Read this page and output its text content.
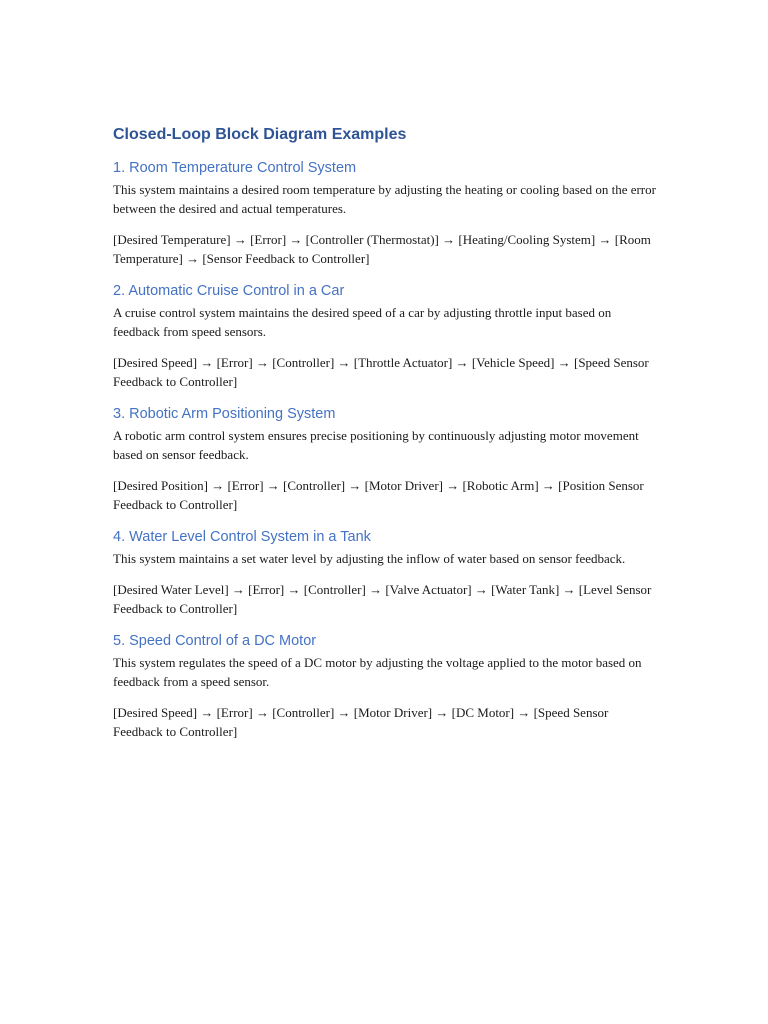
Closed-Loop Block Diagram Examples
1. Room Temperature Control System

This system maintains a desired room temperature by adjusting the heating or cooling based on the error between the desired and actual temperatures.

[Desired Temperature] → [Error] → [Controller (Thermostat)] → [Heating/Cooling System] → [Room Temperature] → [Sensor Feedback to Controller]

2. Automatic Cruise Control in a Car

A cruise control system maintains the desired speed of a car by adjusting throttle input based on feedback from speed sensors.

[Desired Speed] → [Error] → [Controller] → [Throttle Actuator] → [Vehicle Speed] → [Speed Sensor Feedback to Controller]

3. Robotic Arm Positioning System

A robotic arm control system ensures precise positioning by continuously adjusting motor movement based on sensor feedback.

[Desired Position] → [Error] → [Controller] → [Motor Driver] → [Robotic Arm] → [Position Sensor Feedback to Controller]

4. Water Level Control System in a Tank

This system maintains a set water level by adjusting the inflow of water based on sensor feedback.

[Desired Water Level] → [Error] → [Controller] → [Valve Actuator] → [Water Tank] → [Level Sensor Feedback to Controller]

5. Speed Control of a DC Motor

This system regulates the speed of a DC motor by adjusting the voltage applied to the motor based on feedback from a speed sensor.

[Desired Speed] → [Error] → [Controller] → [Motor Driver] → [DC Motor] → [Speed Sensor Feedback to Controller]
